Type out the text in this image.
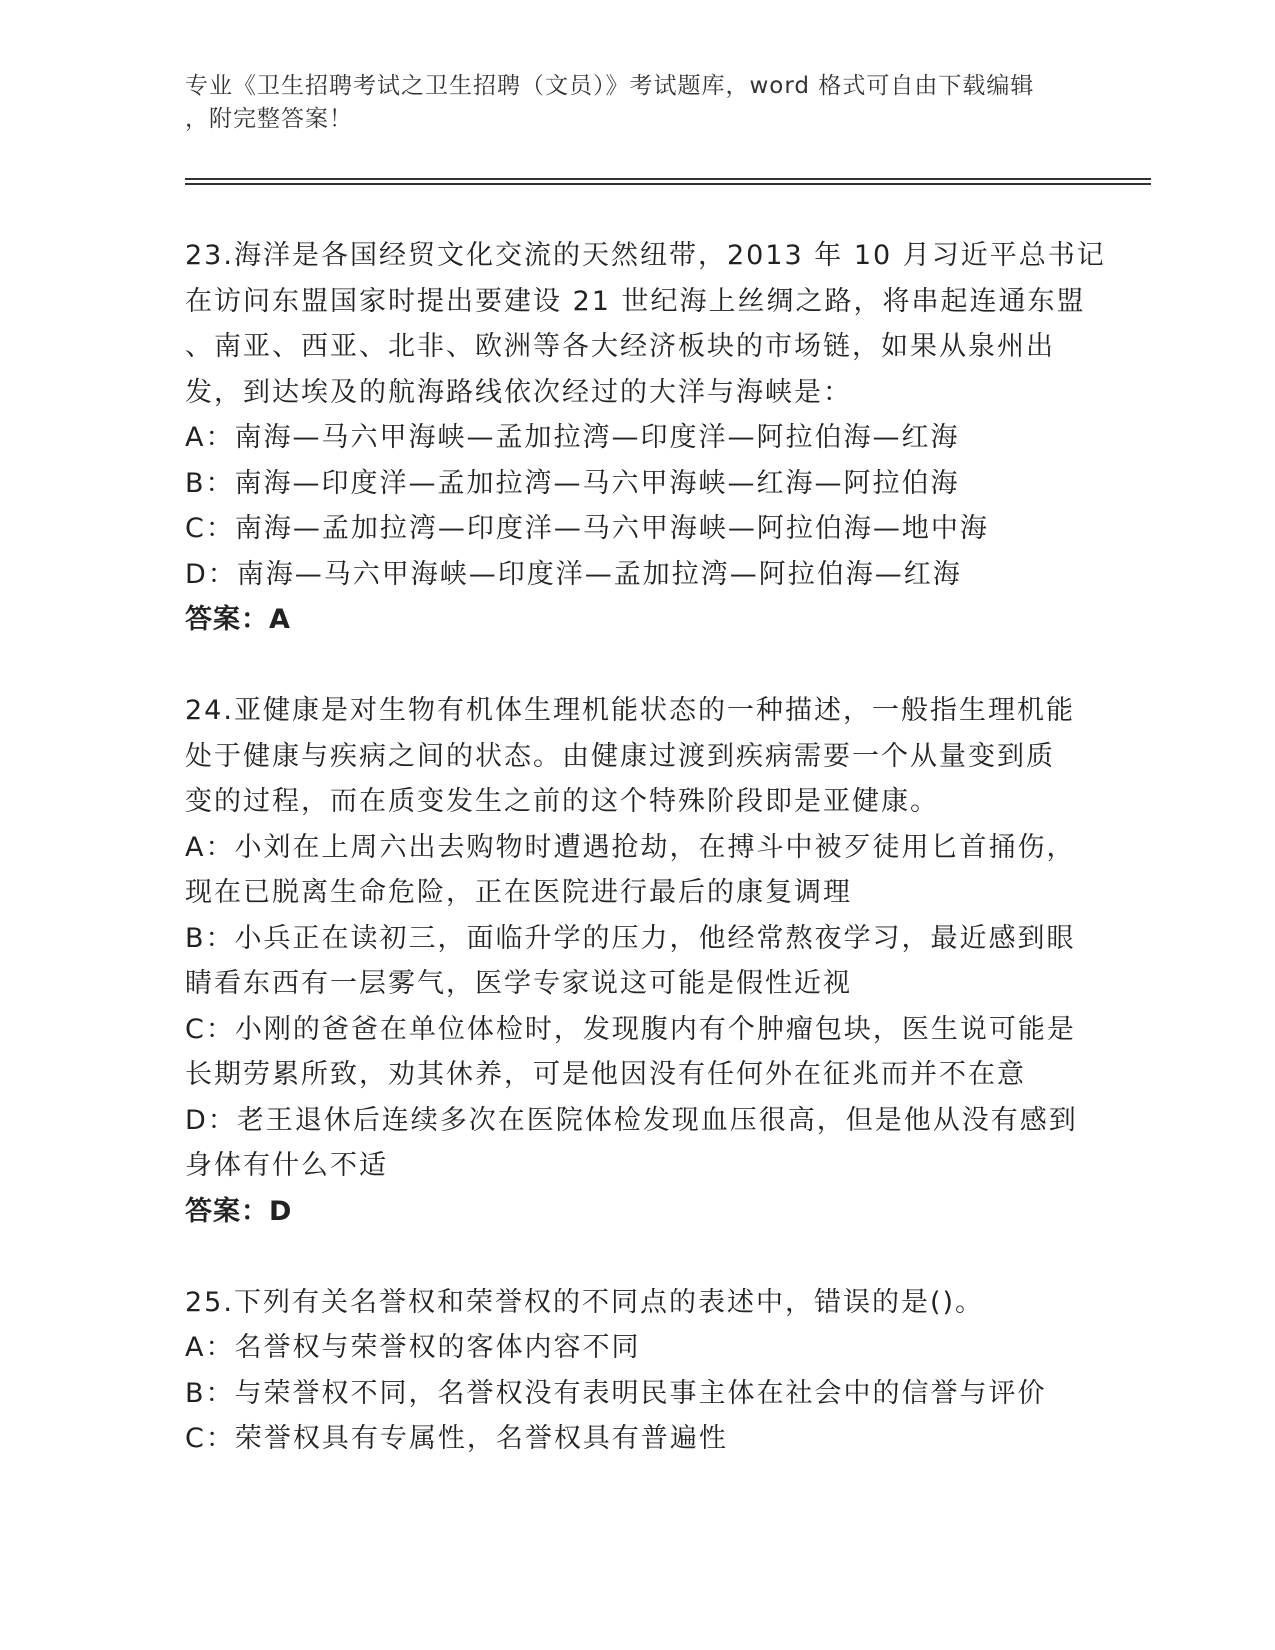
专业《卫生招聘考试之卫生招聘（文员）》考试题库，word 格式可自由下载编辑
，附完整答案！
23.海洋是各国经贸文化交流的天然纽带，2013 年 10 月习近平总书记
在访问东盟国家时提出要建设 21 世纪海上丝绸之路，将串起连通东盟
、南亚、西亚、北非、欧洲等各大经济板块的市场链，如果从泉州出
发，到达埃及的航海路线依次经过的大洋与海峡是：
A：南海—马六甲海峡—孟加拉湾—印度洋—阿拉伯海—红海
B：南海—印度洋—孟加拉湾—马六甲海峡—红海—阿拉伯海
C：南海—孟加拉湾—印度洋—马六甲海峡—阿拉伯海—地中海
D：南海—马六甲海峡—印度洋—孟加拉湾—阿拉伯海—红海
答案：A
24.亚健康是对生物有机体生理机能状态的一种描述，一般指生理机能
处于健康与疾病之间的状态。由健康过渡到疾病需要一个从量变到质
变的过程，而在质变发生之前的这个特殊阶段即是亚健康。
A：小刘在上周六出去购物时遭遇抢劫，在搏斗中被歹徒用匕首捅伤，
现在已脱离生命危险，正在医院进行最后的康复调理
B：小兵正在读初三，面临升学的压力，他经常熬夜学习，最近感到眼
睛看东西有一层雾气，医学专家说这可能是假性近视
C：小刚的爸爸在单位体检时，发现腹内有个肿瘤包块，医生说可能是
长期劳累所致，劝其休养，可是他因没有任何外在征兆而并不在意
D：老王退休后连续多次在医院体检发现血压很高，但是他从没有感到
身体有什么不适
答案：D
25.下列有关名誉权和荣誉权的不同点的表述中，错误的是()。
A：名誉权与荣誉权的客体内容不同
B：与荣誉权不同，名誉权没有表明民事主体在社会中的信誉与评价
C：荣誉权具有专属性，名誉权具有普遍性
